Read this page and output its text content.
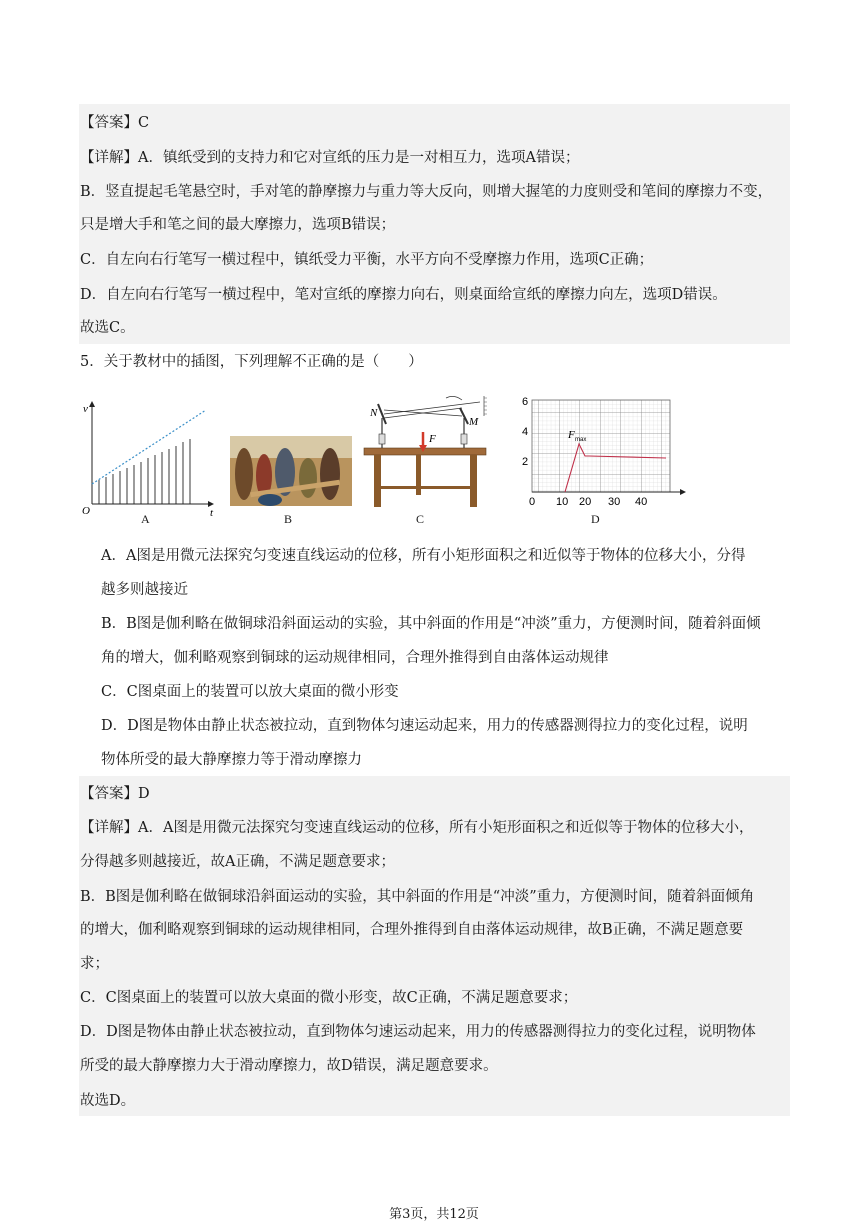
【答案】C
【详解】A．镇纸受到的支持力和它对宣纸的压力是一对相互力，选项A错误；
B．竖直提起毛笔悬空时，手对笔的静摩擦力与重力等大反向，则增大握笔的力度则受和笔间的摩擦力不变，
只是增大手和笔之间的最大摩擦力，选项B错误；
C．自左向右行笔写一横过程中，镇纸受力平衡，水平方向不受摩擦力作用，选项C正确；
D．自左向右行笔写一横过程中，笔对宣纸的摩擦力向右，则桌面给宣纸的摩擦力向左，选项D错误。
故选C。
5．关于教材中的插图，下列理解不正确的是（　　）
v
t
O
A	B
N
M
F
C
2
4
6
0 10 20 30 40
F max
D
A．A图是用微元法探究匀变速直线运动的位移，所有小矩形面积之和近似等于物体的位移大小，分得
越多则越接近
B．B图是伽利略在做铜球沿斜面运动的实验，其中斜面的作用是“冲淡”重力，方便测时间，随着斜面倾
角的增大，伽利略观察到铜球的运动规律相同，合理外推得到自由落体运动规律
C．C图桌面上的装置可以放大桌面的微小形变
D．D图是物体由静止状态被拉动，直到物体匀速运动起来，用力的传感器测得拉力的变化过程，说明
物体所受的最大静摩擦力等于滑动摩擦力
【答案】D
【详解】A．A图是用微元法探究匀变速直线运动的位移，所有小矩形面积之和近似等于物体的位移大小，
分得越多则越接近，故A正确，不满足题意要求；
B．B图是伽利略在做铜球沿斜面运动的实验，其中斜面的作用是“冲淡”重力，方便测时间，随着斜面倾角
的增大，伽利略观察到铜球的运动规律相同，合理外推得到自由落体运动规律，故B正确，不满足题意要
求；
C．C图桌面上的装置可以放大桌面的微小形变，故C正确，不满足题意要求；
D．D图是物体由静止状态被拉动，直到物体匀速运动起来，用力的传感器测得拉力的变化过程，说明物体
所受的最大静摩擦力大于滑动摩擦力，故D错误，满足题意要求。
故选D。
第3页，共12页
